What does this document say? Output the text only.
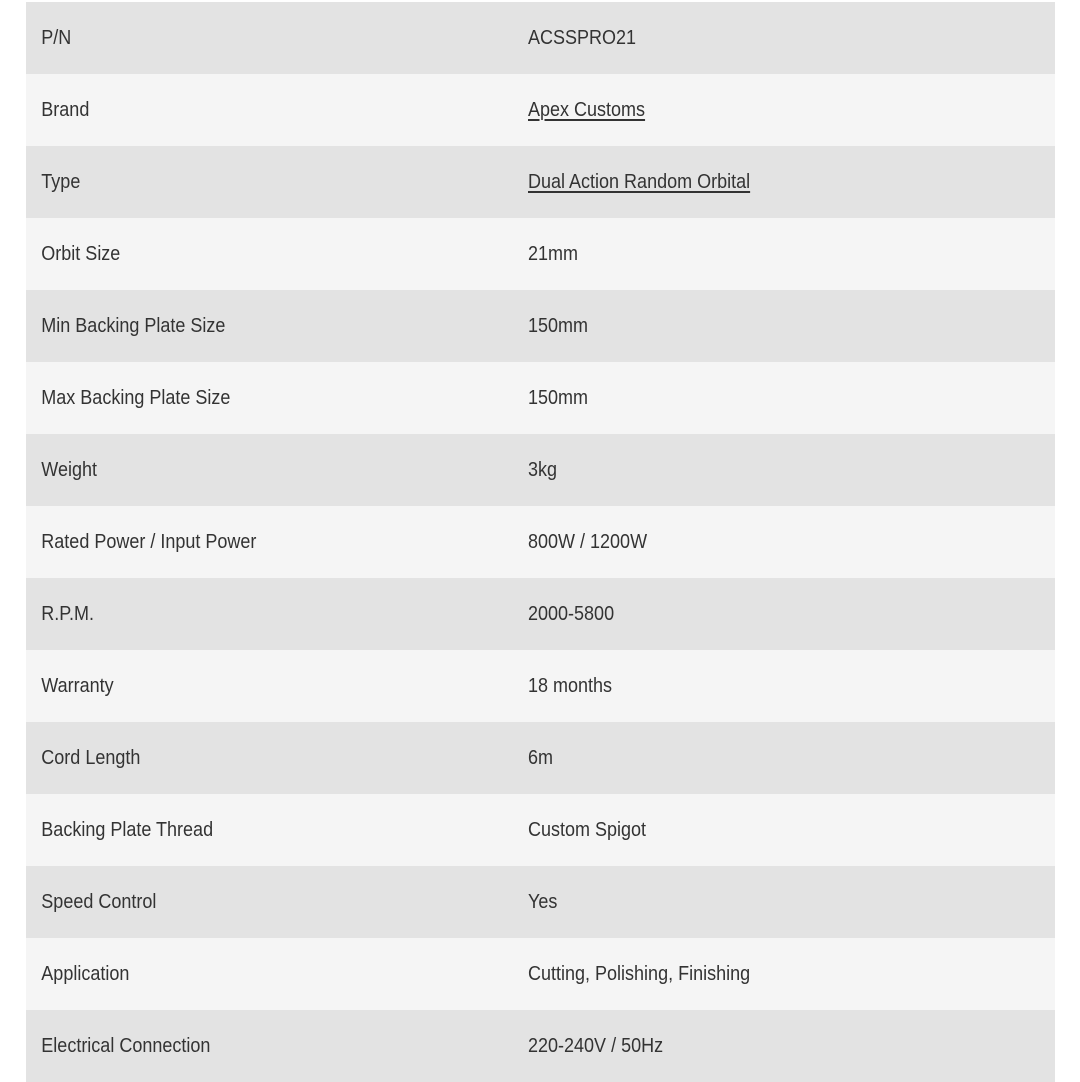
P/N	ACSSPRO21
Brand	Apex Customs
Type	Dual Action Random Orbital
Orbit Size	21mm
Min Backing Plate Size	150mm
Max Backing Plate Size	150mm
Weight	3kg
Rated Power / Input Power	800W / 1200W
R.P.M.	2000-5800
Warranty	18 months
Cord Length	6m
Backing Plate Thread	Custom Spigot
Speed Control	Yes
Application	Cutting, Polishing, Finishing
Electrical Connection	220-240V / 50Hz
